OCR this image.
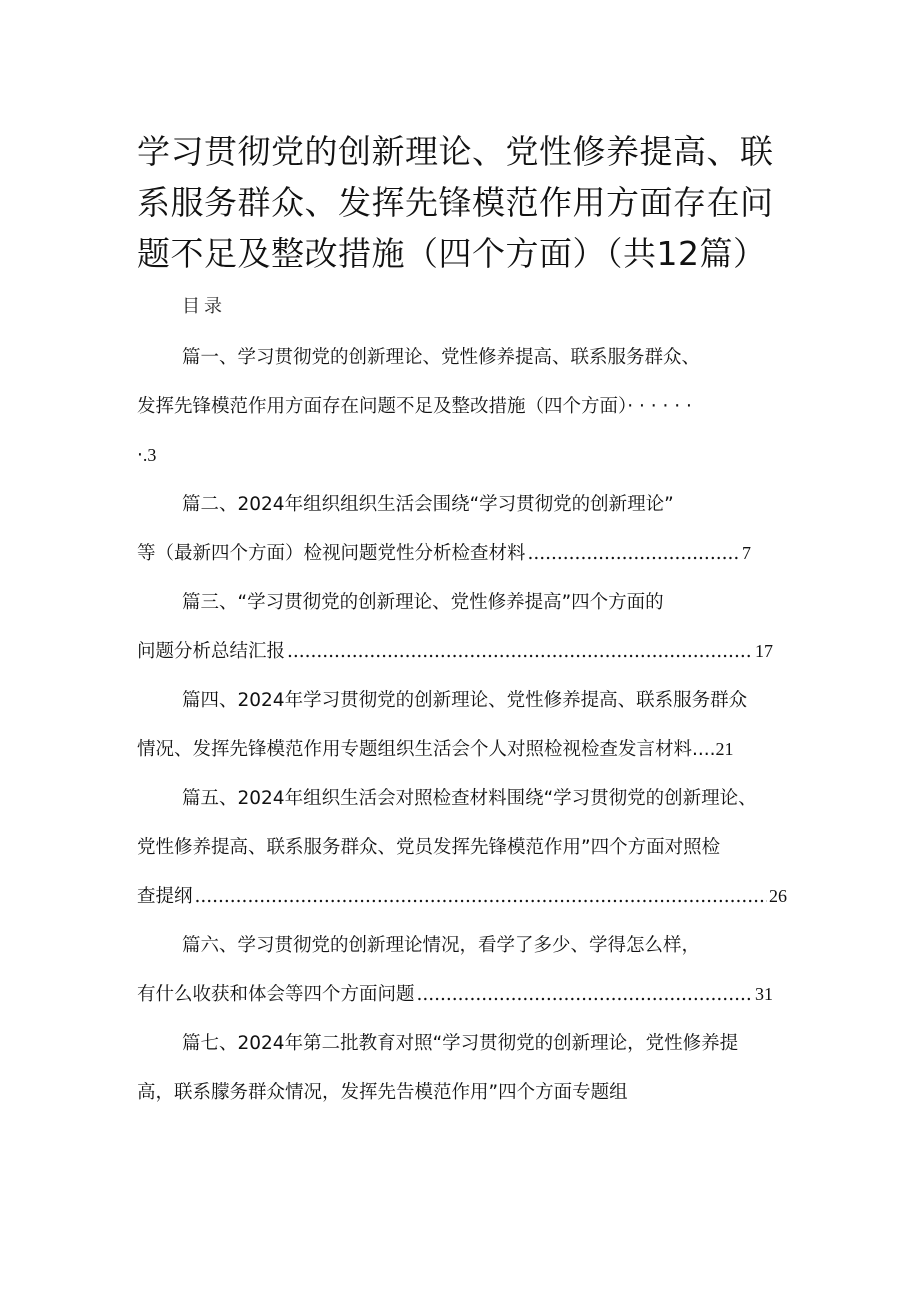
学习贯彻党的创新理论、党性修养提高、联系服务群众、发挥先锋模范作用方面存在问题不足及整改措施（四个方面）（共12篇）
目录
篇一、学习贯彻党的创新理论、党性修养提高、联系服务群众、
发挥先锋模范作用方面存在问题不足及整改措施（四个方面）· · · · · ·
· .3
篇二、2024年组织组织生活会围绕“学习贯彻党的创新理论”
等（最新四个方面）检视问题党性分析检查材料 .....	7
篇三、“学习贯彻党的创新理论、党性修养提高”四个方面的
问题分析总结汇报 .....	17
篇四、2024年学习贯彻党的创新理论、党性修养提高、联系服务群众
情况、发挥先锋模范作用专题组织生活会个人对照检视检查发言材料.... 21
篇五、2024年组织生活会对照检查材料围绕“学习贯彻党的创新理论、
党性修养提高、联系服务群众、党员发挥先锋模范作用”四个方面对照检
查提纲 .....	26
篇六、学习贯彻党的创新理论情况，看学了多少、学得怎么样，
有什么收获和体会等四个方面问题 .....	31
篇七、2024年第二批教育对照“学习贯彻党的创新理论，党性修养提
高，联系朦务群众情况，发挥先告模范作用”四个方面专题组
